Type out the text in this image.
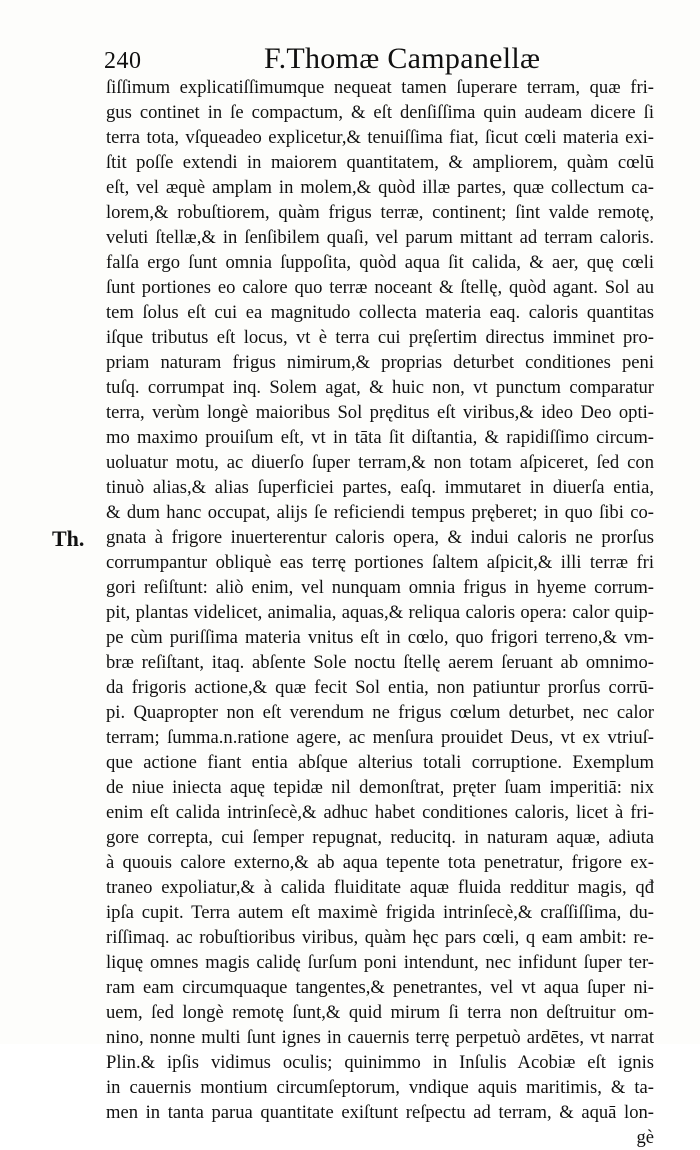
240	F.Thomæ Campanellæ
Th.
ſiſſimum explicatiſſimumque nequeat tamen ſuperare terram, quæ fri-
gus continet in ſe compactum, & eſt denſiſſima quin audeam dicere ſi
terra tota, vſqueadeo explicetur,& tenuiſſima fiat, ſicut cœli materia exi-
ſtit poſſe extendi in maiorem quantitatem, & ampliorem, quàm cœlū
eſt, vel æquè amplam in molem,& quòd illæ partes, quæ collectum ca-
lorem,& robuſtiorem, quàm frigus terræ, continent; ſint valde remotę,
veluti ſtellæ,& in ſenſibilem quaſi, vel parum mittant ad terram caloris.
falſa ergo ſunt omnia ſuppoſita, quòd aqua ſit calida, & aer, quę cœli
ſunt portiones eo calore quo terræ noceant & ſtellę, quòd agant. Sol au
tem ſolus eſt cui ea magnitudo collecta materia eaq. caloris quantitas
iſque tributus eſt locus, vt è terra cui pręſertim directus imminet pro-
priam naturam frigus nimirum,& proprias deturbet conditiones peni
tuſq. corrumpat inq. Solem agat, & huic non, vt punctum comparatur
terra, verùm longè maioribus Sol pręditus eſt viribus,& ideo Deo opti-
mo maximo prouiſum eſt, vt in tāta ſit diſtantia, & rapidiſſimo circum-
uoluatur motu, ac diuerſo ſuper terram,& non totam aſpiceret, ſed con
tinuò alias,& alias ſuperficiei partes, eaſq. immutaret in diuerſa entia,
& dum hanc occupat, alijs ſe reficiendi tempus pręberet; in quo ſibi co-
gnata à frigore inuerterentur caloris opera, & indui caloris ne prorſus
corrumpantur obliquè eas terrę portiones ſaltem aſpicit,& illi terræ fri
gori reſiſtunt: aliò enim, vel nunquam omnia frigus in hyeme corrum-
pit, plantas videlicet, animalia, aquas,& reliqua caloris opera: calor quip-
pe cùm puriſſima materia vnitus eſt in cœlo, quo frigori terreno,& vm-
bræ reſiſtant, itaq. abſente Sole noctu ſtellę aerem ſeruant ab omnimo-
da frigoris actione,& quæ fecit Sol entia, non patiuntur prorſus corrū-
pi. Quapropter non eſt verendum ne frigus cœlum deturbet, nec calor
terram; ſumma.n.ratione agere, ac menſura prouidet Deus, vt ex vtriuſ-
que actione fiant entia abſque alterius totali corruptione. Exemplum
de niue iniecta aquę tepidæ nil demonſtrat, pręter ſuam imperitiā: nix
enim eſt calida intrinſecè,& adhuc habet conditiones caloris, licet à fri-
gore correpta, cui ſemper repugnat, reducitq. in naturam aquæ, adiuta
à quouis calore externo,& ab aqua tepente tota penetratur, frigore ex-
traneo expoliatur,& à calida fluiditate aquæ fluida redditur magis, qđ
ipſa cupit. Terra autem eſt maximè frigida intrinſecè,& craſſiſſima, du-
riſſimaq. ac robuſtioribus viribus, quàm hęc pars cœli, q eam ambit: re-
liquę omnes magis calidę ſurſum poni intendunt, nec infidunt ſuper ter-
ram eam circumquaque tangentes,& penetrantes, vel vt aqua ſuper ni-
uem, ſed longè remotę ſunt,& quid mirum ſi terra non deſtruitur om-
nino, nonne multi ſunt ignes in cauernis terrę perpetuò ardētes, vt narrat
Plin.& ipſis vidimus oculis; quinimmo in Inſulis Acobiæ eſt ignis
in cauernis montium circumſeptorum, vndique aquis maritimis, & ta-
men in tanta parua quantitate exiſtunt reſpectu ad terram, & aquā lon-
gè
